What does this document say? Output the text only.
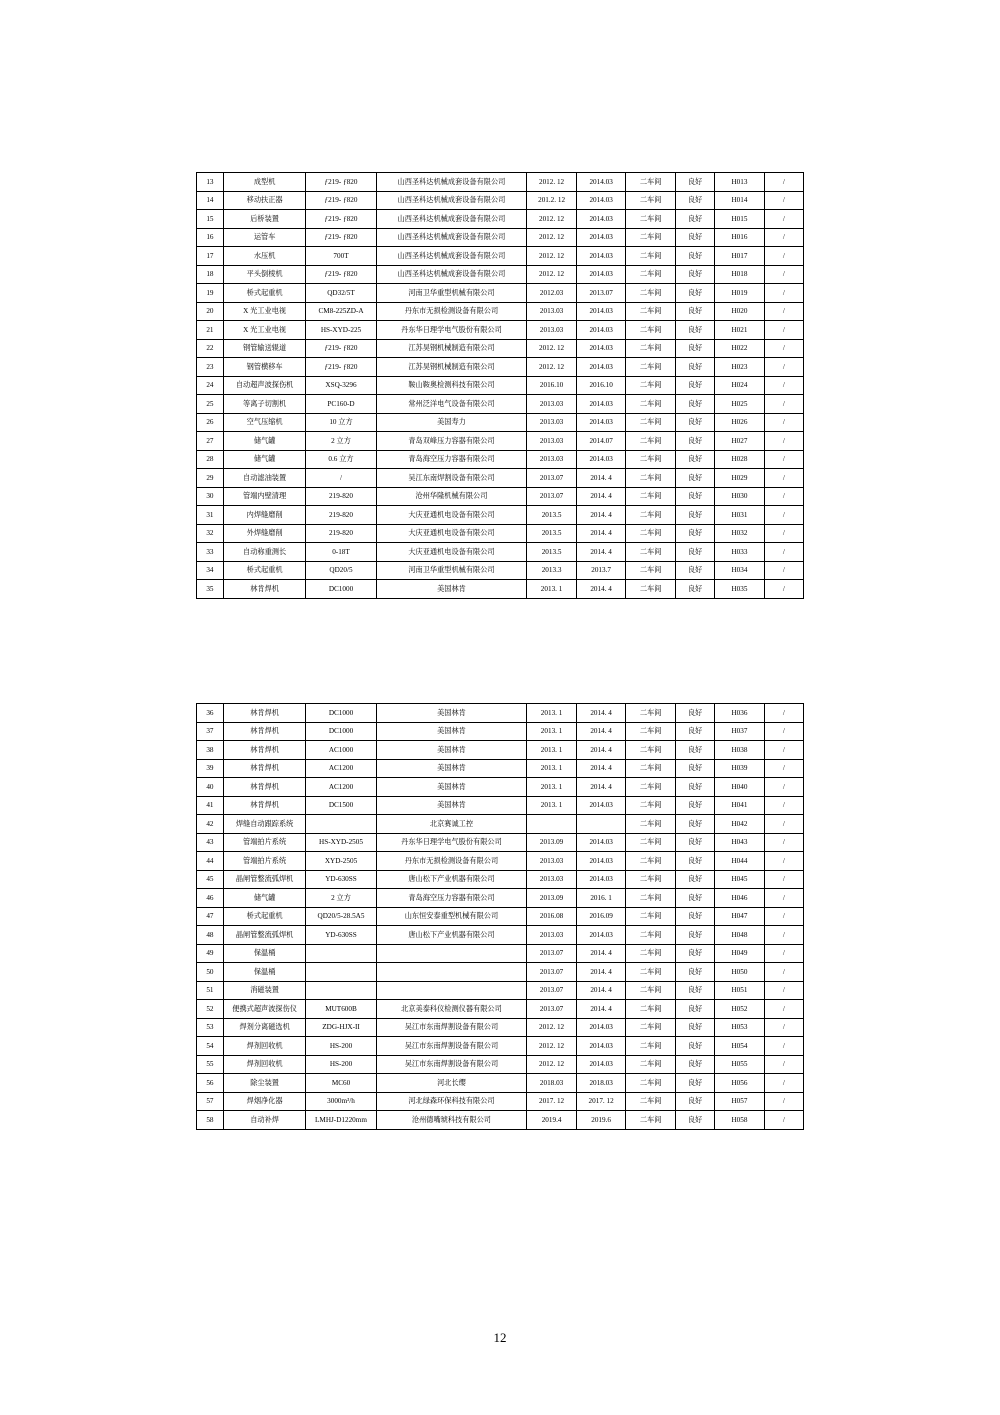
13	成型机	ƒ219- ƒ820	山西圣科达机械成套设备有限公司	2012. 12	2014.03	二车间	良好	H013	/
14	移动扶正器	ƒ219- ƒ820	山西圣科达机械成套设备有限公司	201.2. 12	2014.03	二车间	良好	H014	/
15	后桥装置	ƒ219- ƒ820	山西圣科达机械成套设备有限公司	2012. 12	2014.03	二车间	良好	H015	/
16	运管车	ƒ219- ƒ820	山西圣科达机械成套设备有限公司	2012. 12	2014.03	二车间	良好	H016	/
17	水压机	700T	山西圣科达机械成套设备有限公司	2012. 12	2014.03	二车间	良好	H017	/
18	平头倒棱机	ƒ219- ƒ820	山西圣科达机械成套设备有限公司	2012. 12	2014.03	二车间	良好	H018	/
19	桥式起重机	QD32/5T	河南卫华重型机械有限公司	2012.03	2013.07	二车间	良好	H019	/
20	X 光工业电视	CM8-225ZD-A	丹东市无损检测设备有限公司	2013.03	2014.03	二车间	良好	H020	/
21	X 光工业电视	HS-XYD-225	丹东华日理学电气股份有限公司	2013.03	2014.03	二车间	良好	H021	/
22	钢管输送辊道	ƒ219- ƒ820	江苏昊钢机械制造有限公司	2012. 12	2014.03	二车间	良好	H022	/
23	钢管横移车	ƒ219- ƒ820	江苏昊钢机械制造有限公司	2012. 12	2014.03	二车间	良好	H023	/
24	自动超声波探伤机	XSQ-3296	鞍山鞍奥检测科技有限公司	2016.10	2016.10	二车间	良好	H024	/
25	等离子切割机	PC160-D	常州泛洋电气设备有限公司	2013.03	2014.03	二车间	良好	H025	/
26	空气压缩机	10 立方	美国寿力	2013.03	2014.03	二车间	良好	H026	/
27	储气罐	2 立方	青岛双峰压力容器有限公司	2013.03	2014.07	二车间	良好	H027	/
28	储气罐	0.6 立方	青岛海空压力容器有限公司	2013.03	2014.03	二车间	良好	H028	/
29	自动滤油装置	/	吴江东南焊割设备有限公司	2013.07	2014. 4	二车间	良好	H029	/
30	管端内壁清理	219-820	沧州华隆机械有限公司	2013.07	2014. 4	二车间	良好	H030	/
31	内焊缝磨削	219-820	大庆亚通机电设备有限公司	2013.5	2014. 4	二车间	良好	H031	/
32	外焊缝磨削	219-820	大庆亚通机电设备有限公司	2013.5	2014. 4	二车间	良好	H032	/
33	自动称重测长	0-18T	大庆亚通机电设备有限公司	2013.5	2014. 4	二车间	良好	H033	/
34	桥式起重机	QD20/5	河南卫华重型机械有限公司	2013.3	2013.7	二车间	良好	H034	/
35	林肯焊机	DC1000	美国林肯	2013. 1	2014. 4	二车间	良好	H035	/
36	林肯焊机	DC1000	美国林肯	2013. 1	2014. 4	二车间	良好	H036	/
37	林肯焊机	DC1000	美国林肯	2013. 1	2014. 4	二车间	良好	H037	/
38	林肯焊机	AC1000	美国林肯	2013. 1	2014. 4	二车间	良好	H038	/
39	林肯焊机	AC1200	美国林肯	2013. 1	2014. 4	二车间	良好	H039	/
40	林肯焊机	AC1200	美国林肯	2013. 1	2014. 4	二车间	良好	H040	/
41	林肯焊机	DC1500	美国林肯	2013. 1	2014.03	二车间	良好	H041	/
42	焊缝自动跟踪系统		北京赛诚工控			二车间	良好	H042	/
43	管端拍片系统	HS-XYD-2505	丹东华日理学电气股份有限公司	2013.09	2014.03	二车间	良好	H043	/
44	管端拍片系统	XYD-2505	丹东市无损检测设备有限公司	2013.03	2014.03	二车间	良好	H044	/
45	晶闸管整流弧焊机	YD-630SS	唐山松下产业机器有限公司	2013.03	2014.03	二车间	良好	H045	/
46	储气罐	2 立方	青岛海空压力容器有限公司	2013.09	2016. 1	二车间	良好	H046	/
47	桥式起重机	QD20/5-28.5A5	山东恒安泰重型机械有限公司	2016.08	2016.09	二车间	良好	H047	/
48	晶闸管整流弧焊机	YD-630SS	唐山松下产业机器有限公司	2013.03	2014.03	二车间	良好	H048	/
49	保温桶			2013.07	2014. 4	二车间	良好	H049	/
50	保温桶			2013.07	2014. 4	二车间	良好	H050	/
51	消磁装置			2013.07	2014. 4	二车间	良好	H051	/
52	便携式超声波探伤仪	MUT600B	北京美泰科仪检测仪器有限公司	2013.07	2014. 4	二车间	良好	H052	/
53	焊剂分离磁选机	ZDG-HJX-II	吴江市东南焊割设备有限公司	2012. 12	2014.03	二车间	良好	H053	/
54	焊剂回收机	HS-200	吴江市东南焊割设备有限公司	2012. 12	2014.03	二车间	良好	H054	/
55	焊剂回收机	HS-200	吴江市东南焊割设备有限公司	2012. 12	2014.03	二车间	良好	H055	/
56	除尘装置	MC60	河北长缨	2018.03	2018.03	二车间	良好	H056	/
57	焊烟净化器	3000m³/h	河北绿森环保科技有限公司	2017. 12	2017. 12	二车间	良好	H057	/
58	自动补焊	LMHJ-D1220mm	沧州德嘴琥科技有限公司	2019.4	2019.6	二车间	良好	H058	/
12
